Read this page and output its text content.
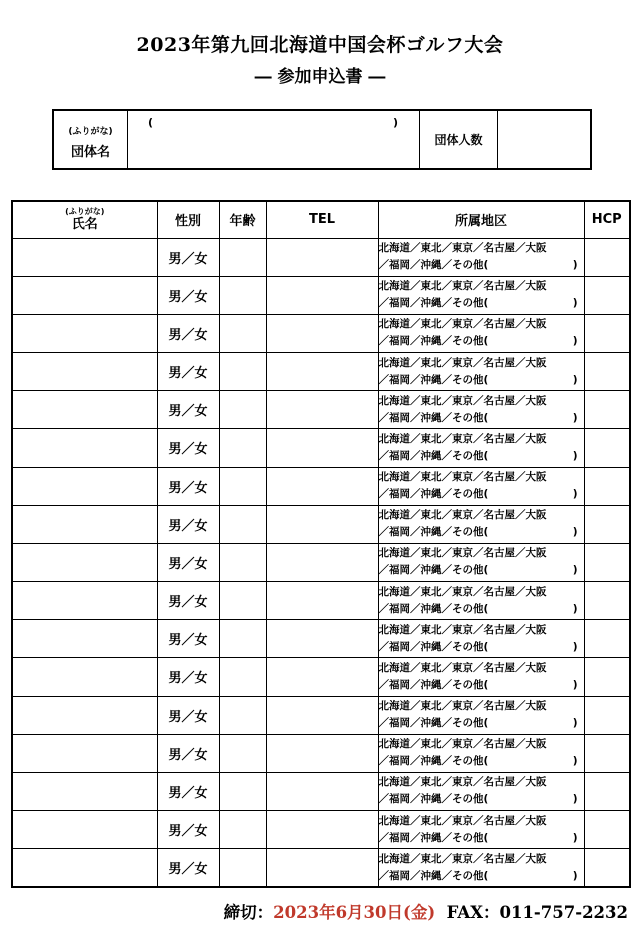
2023年第九回北海道中国会杯ゴルフ大会
― 参加申込書 ―
(ふりがな)
団体名
(	)
団体人数
(ふりがな)
氏名	性別	年齢	TEL	所属地区	HCP
	男／女			北海道／東北／東京／名古屋／大阪
／福岡／沖縄／その他( )	

	男／女			北海道／東北／東京／名古屋／大阪
／福岡／沖縄／その他( )	

	男／女			北海道／東北／東京／名古屋／大阪
／福岡／沖縄／その他( )	

	男／女			北海道／東北／東京／名古屋／大阪
／福岡／沖縄／その他( )	

	男／女			北海道／東北／東京／名古屋／大阪
／福岡／沖縄／その他( )	

	男／女			北海道／東北／東京／名古屋／大阪
／福岡／沖縄／その他( )	

	男／女			北海道／東北／東京／名古屋／大阪
／福岡／沖縄／その他( )	

	男／女			北海道／東北／東京／名古屋／大阪
／福岡／沖縄／その他( )	

	男／女			北海道／東北／東京／名古屋／大阪
／福岡／沖縄／その他( )	

	男／女			北海道／東北／東京／名古屋／大阪
／福岡／沖縄／その他( )	

	男／女			北海道／東北／東京／名古屋／大阪
／福岡／沖縄／その他( )	

	男／女			北海道／東北／東京／名古屋／大阪
／福岡／沖縄／その他( )	

	男／女			北海道／東北／東京／名古屋／大阪
／福岡／沖縄／その他( )	

	男／女			北海道／東北／東京／名古屋／大阪
／福岡／沖縄／その他( )	

	男／女			北海道／東北／東京／名古屋／大阪
／福岡／沖縄／その他( )	

	男／女			北海道／東北／東京／名古屋／大阪
／福岡／沖縄／その他( )	

	男／女			北海道／東北／東京／名古屋／大阪
／福岡／沖縄／その他( )	

締切：2023年6月30日(金) FAX：011-757-2232
